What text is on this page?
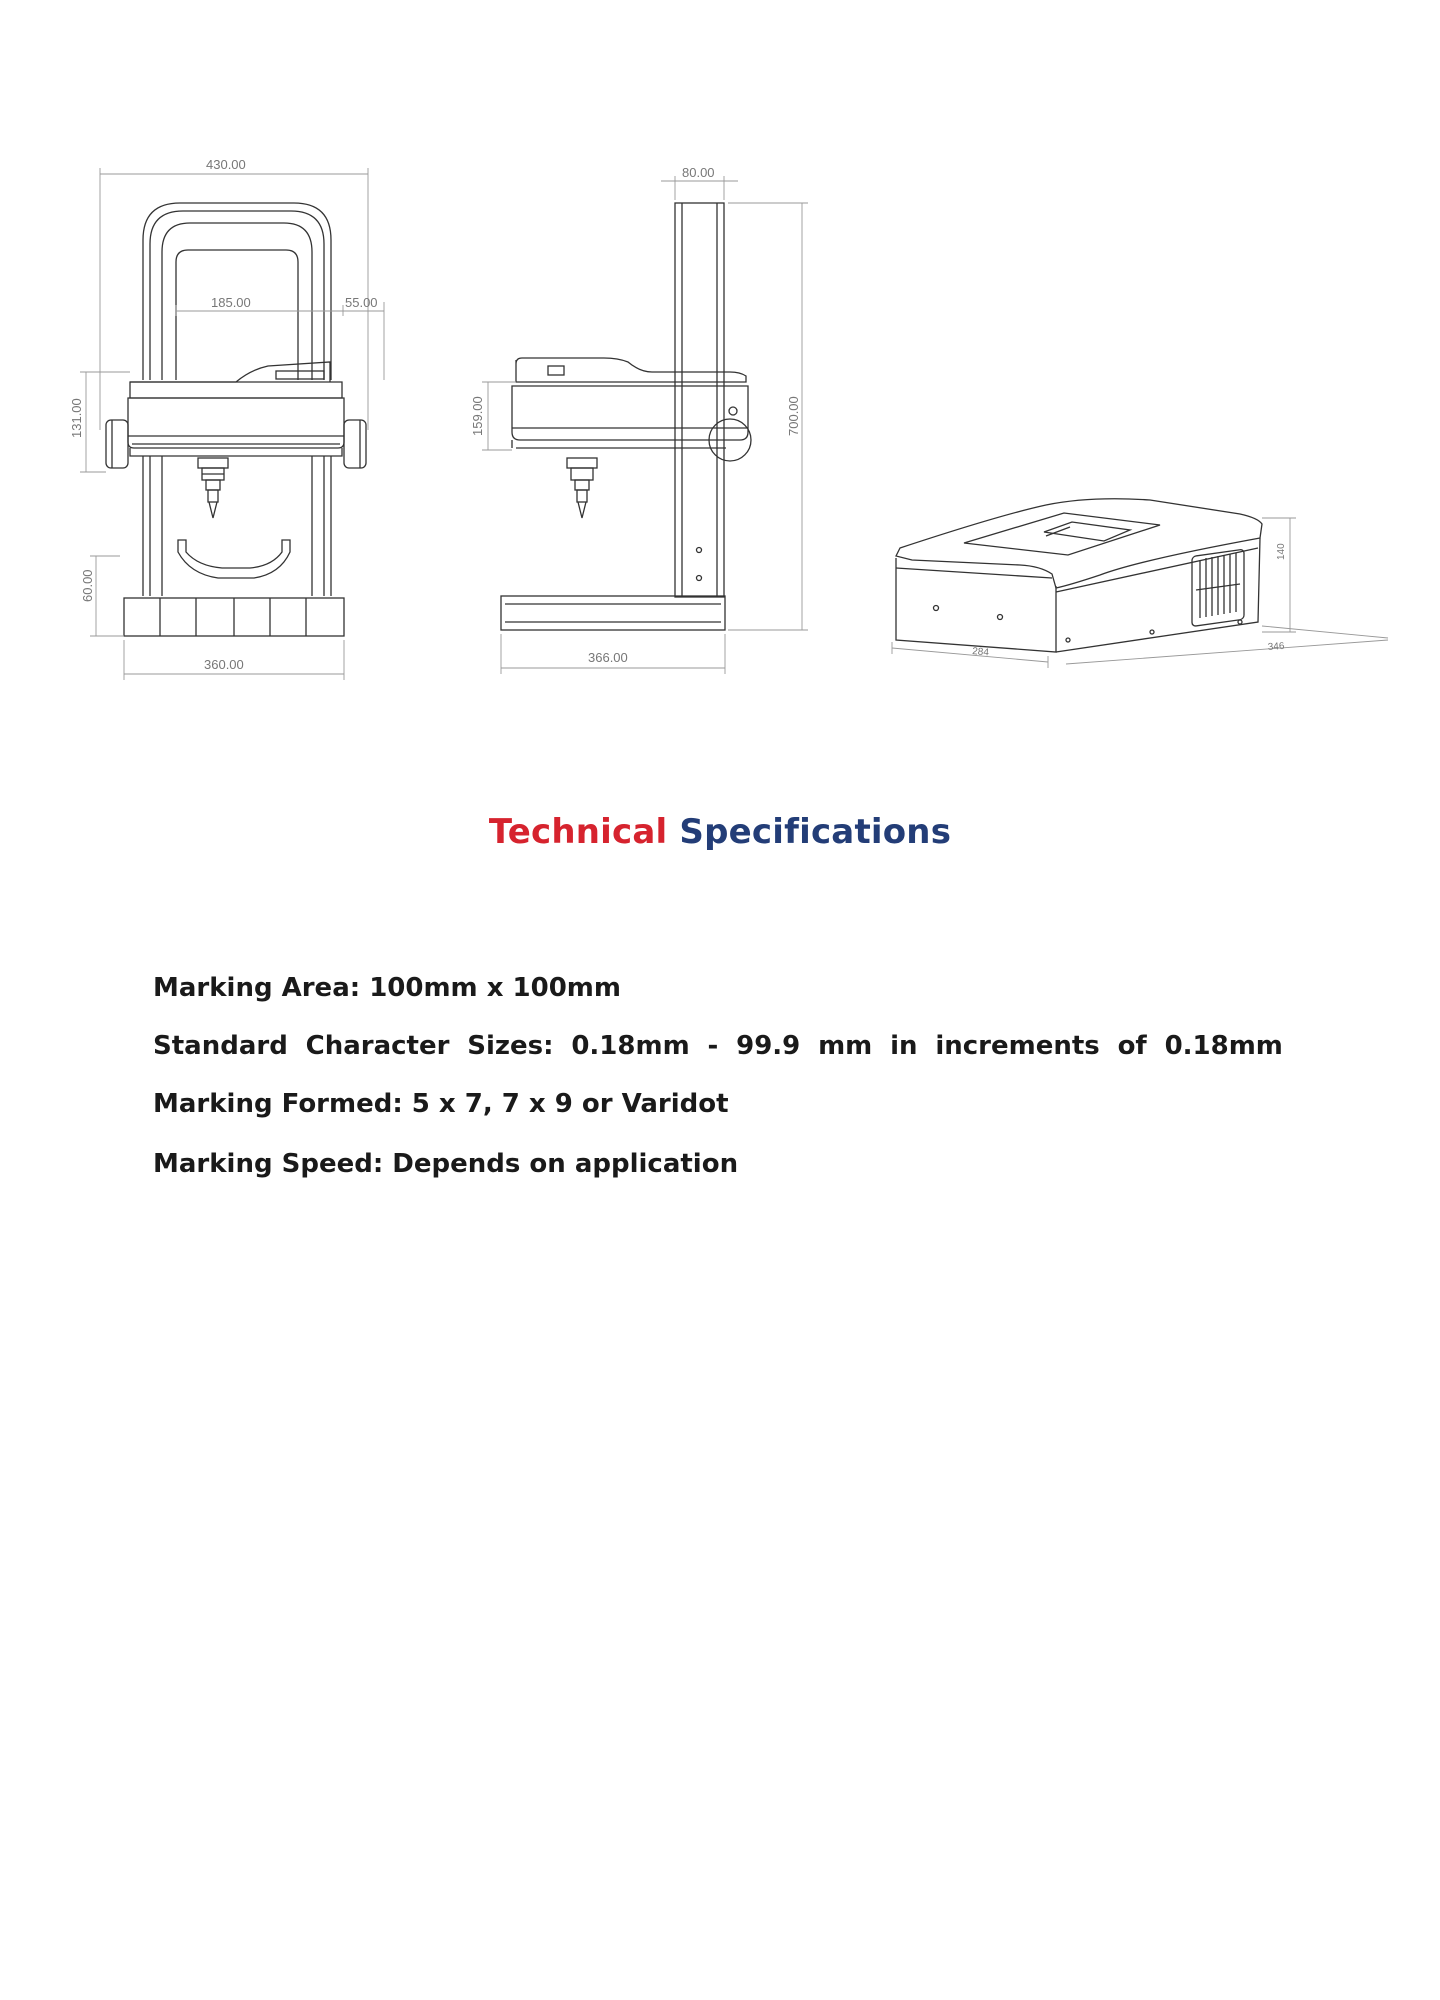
430.00
185.00	55.00
131.00
60.00
360.00
80.00
159.00	700.00
366.00
140
284	346
Technical Specifications
Marking Area: 100mm x 100mm
Standard Character Sizes: 0.18mm - 99.9 mm in increments of 0.18mm
Marking Formed: 5 x 7, 7 x 9 or Varidot
Marking Speed: Depends on application
